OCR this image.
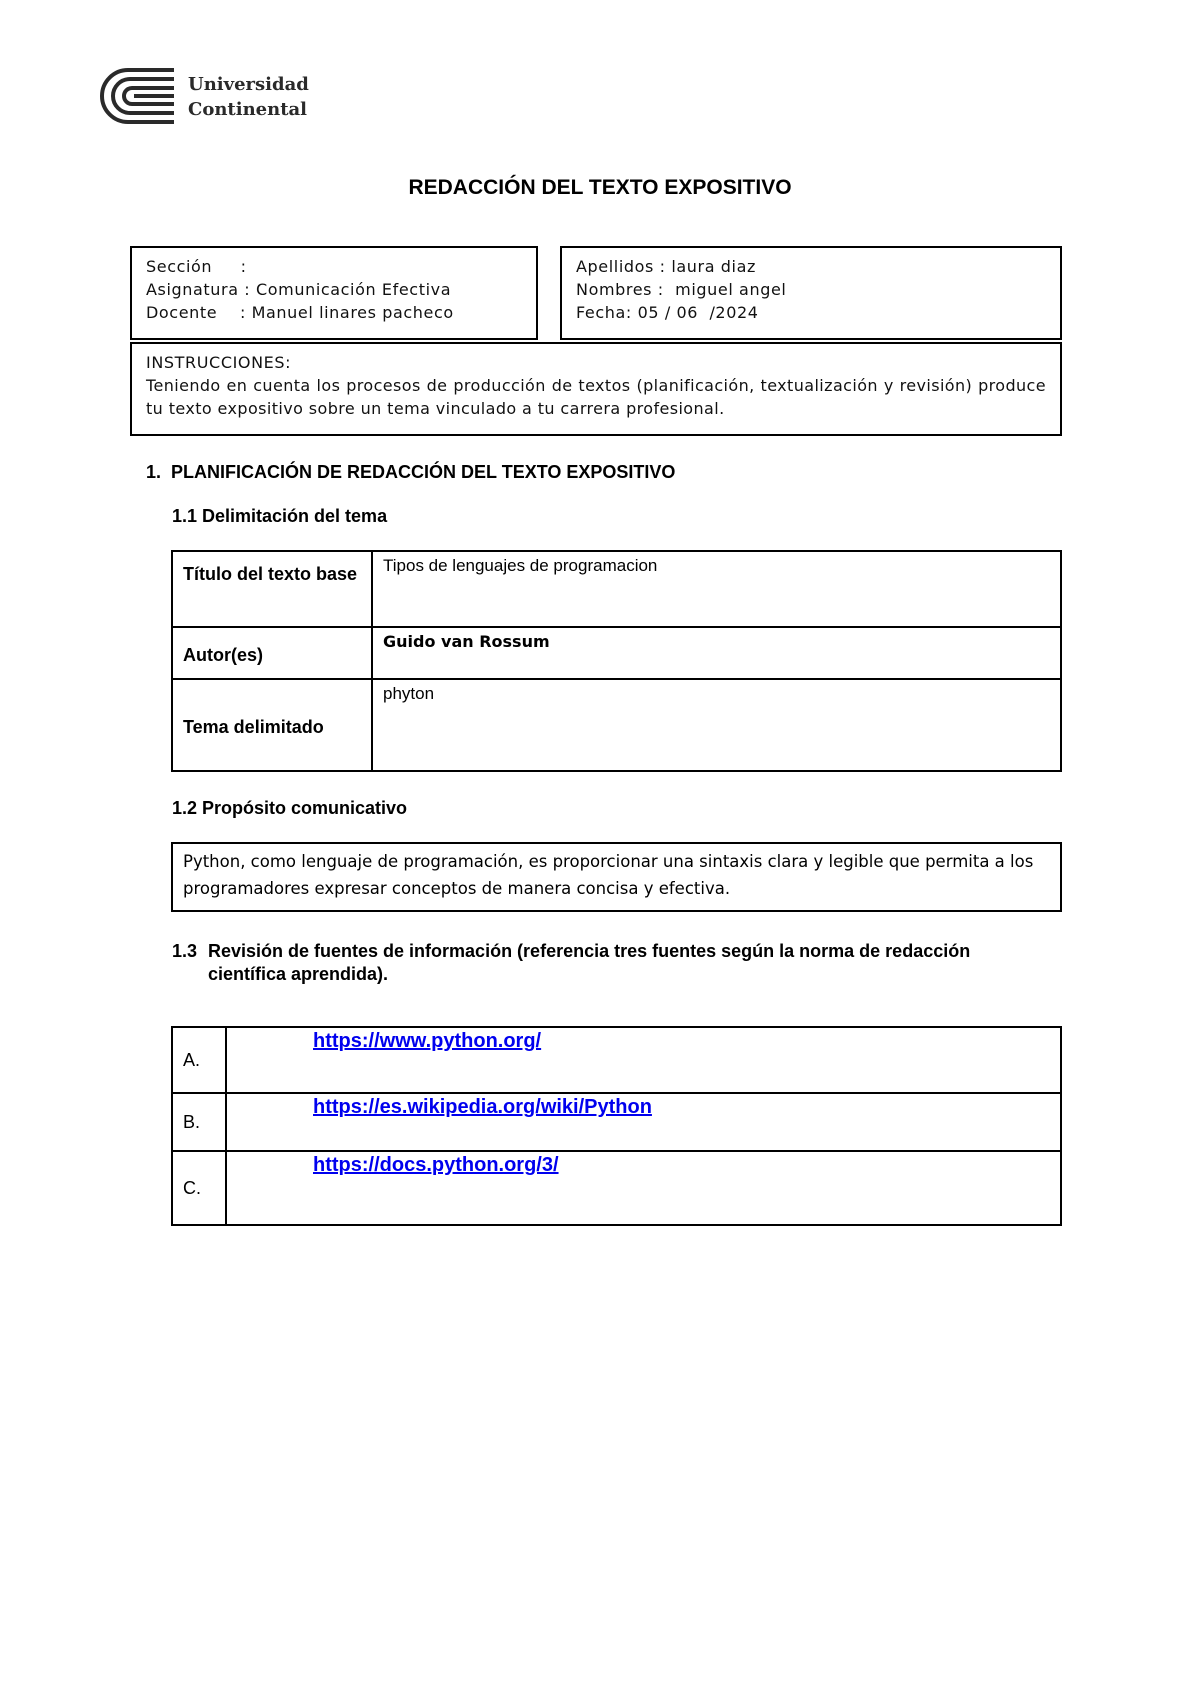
Universidad
Continental
REDACCIÓN DEL TEXTO EXPOSITIVO
Sección     :
Asignatura : Comunicación Efectiva
Docente    : Manuel linares pacheco
Apellidos : laura diaz
Nombres :  miguel angel
Fecha: 05 / 06  /2024
INSTRUCCIONES:
Teniendo en cuenta los procesos de producción de textos (planificación, textualización y revisión) produce tu texto expositivo sobre un tema vinculado a tu carrera profesional.
1. PLANIFICACIÓN DE REDACCIÓN DEL TEXTO EXPOSITIVO
1.1 Delimitación del tema
Título del texto base	Tipos de lenguajes de programacion

Autor(es)	Guido van Rossum

Tema delimitado	phyton
1.2 Propósito comunicativo
Python, como lenguaje de programación, es proporcionar una sintaxis clara y legible que permita a los programadores expresar conceptos de manera concisa y efectiva.
1.3 Revisión de fuentes de información (referencia tres fuentes según la norma de redacción
científica aprendida).
A.	https://www.python.org/
B.	https://es.wikipedia.org/wiki/Python
C.	https://docs.python.org/3/
